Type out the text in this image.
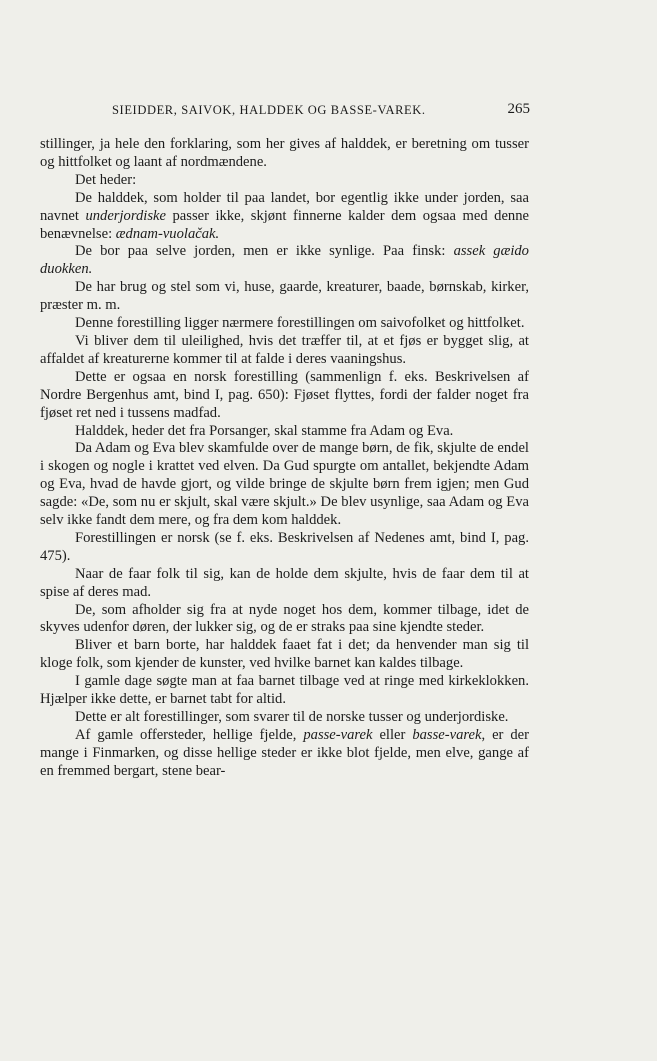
SIEIDDER, SAIVOK, HALDDEK OG BASSE-VAREK.	265

stillinger, ja hele den forklaring, som her gives af halddek, er beretning om tusser og hittfolket og laant af nordmændene.

Det heder:

De halddek, som holder til paa landet, bor egentlig ikke under jorden, saa navnet underjordiske passer ikke, skjønt finnerne kalder dem ogsaa med denne benævnelse: ædnam-vuolačak.

De bor paa selve jorden, men er ikke synlige. Paa finsk: assek gæido duokken.

De har brug og stel som vi, huse, gaarde, kreaturer, baade, børnskab, kirker, præster m. m.

Denne forestilling ligger nærmere forestillingen om saivofolket og hittfolket.

Vi bliver dem til uleilighed, hvis det træffer til, at et fjøs er bygget slig, at affaldet af kreaturerne kommer til at falde i deres vaaningshus.

Dette er ogsaa en norsk forestilling (sammenlign f. eks. Beskrivelsen af Nordre Bergenhus amt, bind I, pag. 650): Fjøset flyttes, fordi der falder noget fra fjøset ret ned i tussens madfad.

Halddek, heder det fra Porsanger, skal stamme fra Adam og Eva.

Da Adam og Eva blev skamfulde over de mange børn, de fik, skjulte de endel i skogen og nogle i krattet ved elven. Da Gud spurgte om antallet, bekjendte Adam og Eva, hvad de havde gjort, og vilde bringe de skjulte børn frem igjen; men Gud sagde: «De, som nu er skjult, skal være skjult.» De blev usynlige, saa Adam og Eva selv ikke fandt dem mere, og fra dem kom halddek.

Forestillingen er norsk (se f. eks. Beskrivelsen af Nedenes amt, bind I, pag. 475).

Naar de faar folk til sig, kan de holde dem skjulte, hvis de faar dem til at spise af deres mad.

De, som afholder sig fra at nyde noget hos dem, kommer tilbage, idet de skyves udenfor døren, der lukker sig, og de er straks paa sine kjendte steder.

Bliver et barn borte, har halddek faaet fat i det; da henvender man sig til kloge folk, som kjender de kunster, ved hvilke barnet kan kaldes tilbage.

I gamle dage søgte man at faa barnet tilbage ved at ringe med kirkeklokken. Hjælper ikke dette, er barnet tabt for altid.

Dette er alt forestillinger, som svarer til de norske tusser og underjordiske.

Af gamle offersteder, hellige fjelde, passe-varek eller basse-varek, er der mange i Finmarken, og disse hellige steder er ikke blot fjelde, men elve, gange af en fremmed bergart, stene bear-
